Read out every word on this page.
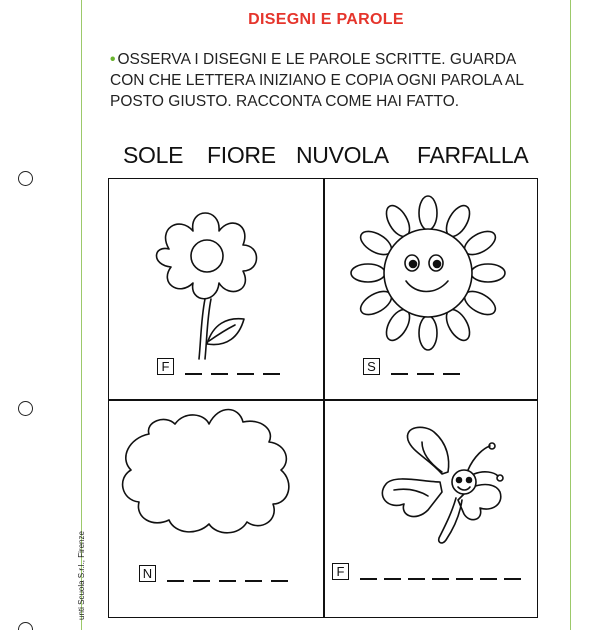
unti Scuola S.r.l., Firenze
DISEGNI E PAROLE
• OSSERVA I DISEGNI E LE PAROLE SCRITTE. GUARDA CON CHE LETTERA INIZIANO E COPIA OGNI PAROLA AL POSTO GIUSTO. RACCONTA COME HAI FATTO.
SOLE FIORE NUVOLA FARFALLA
F	S
N	F
